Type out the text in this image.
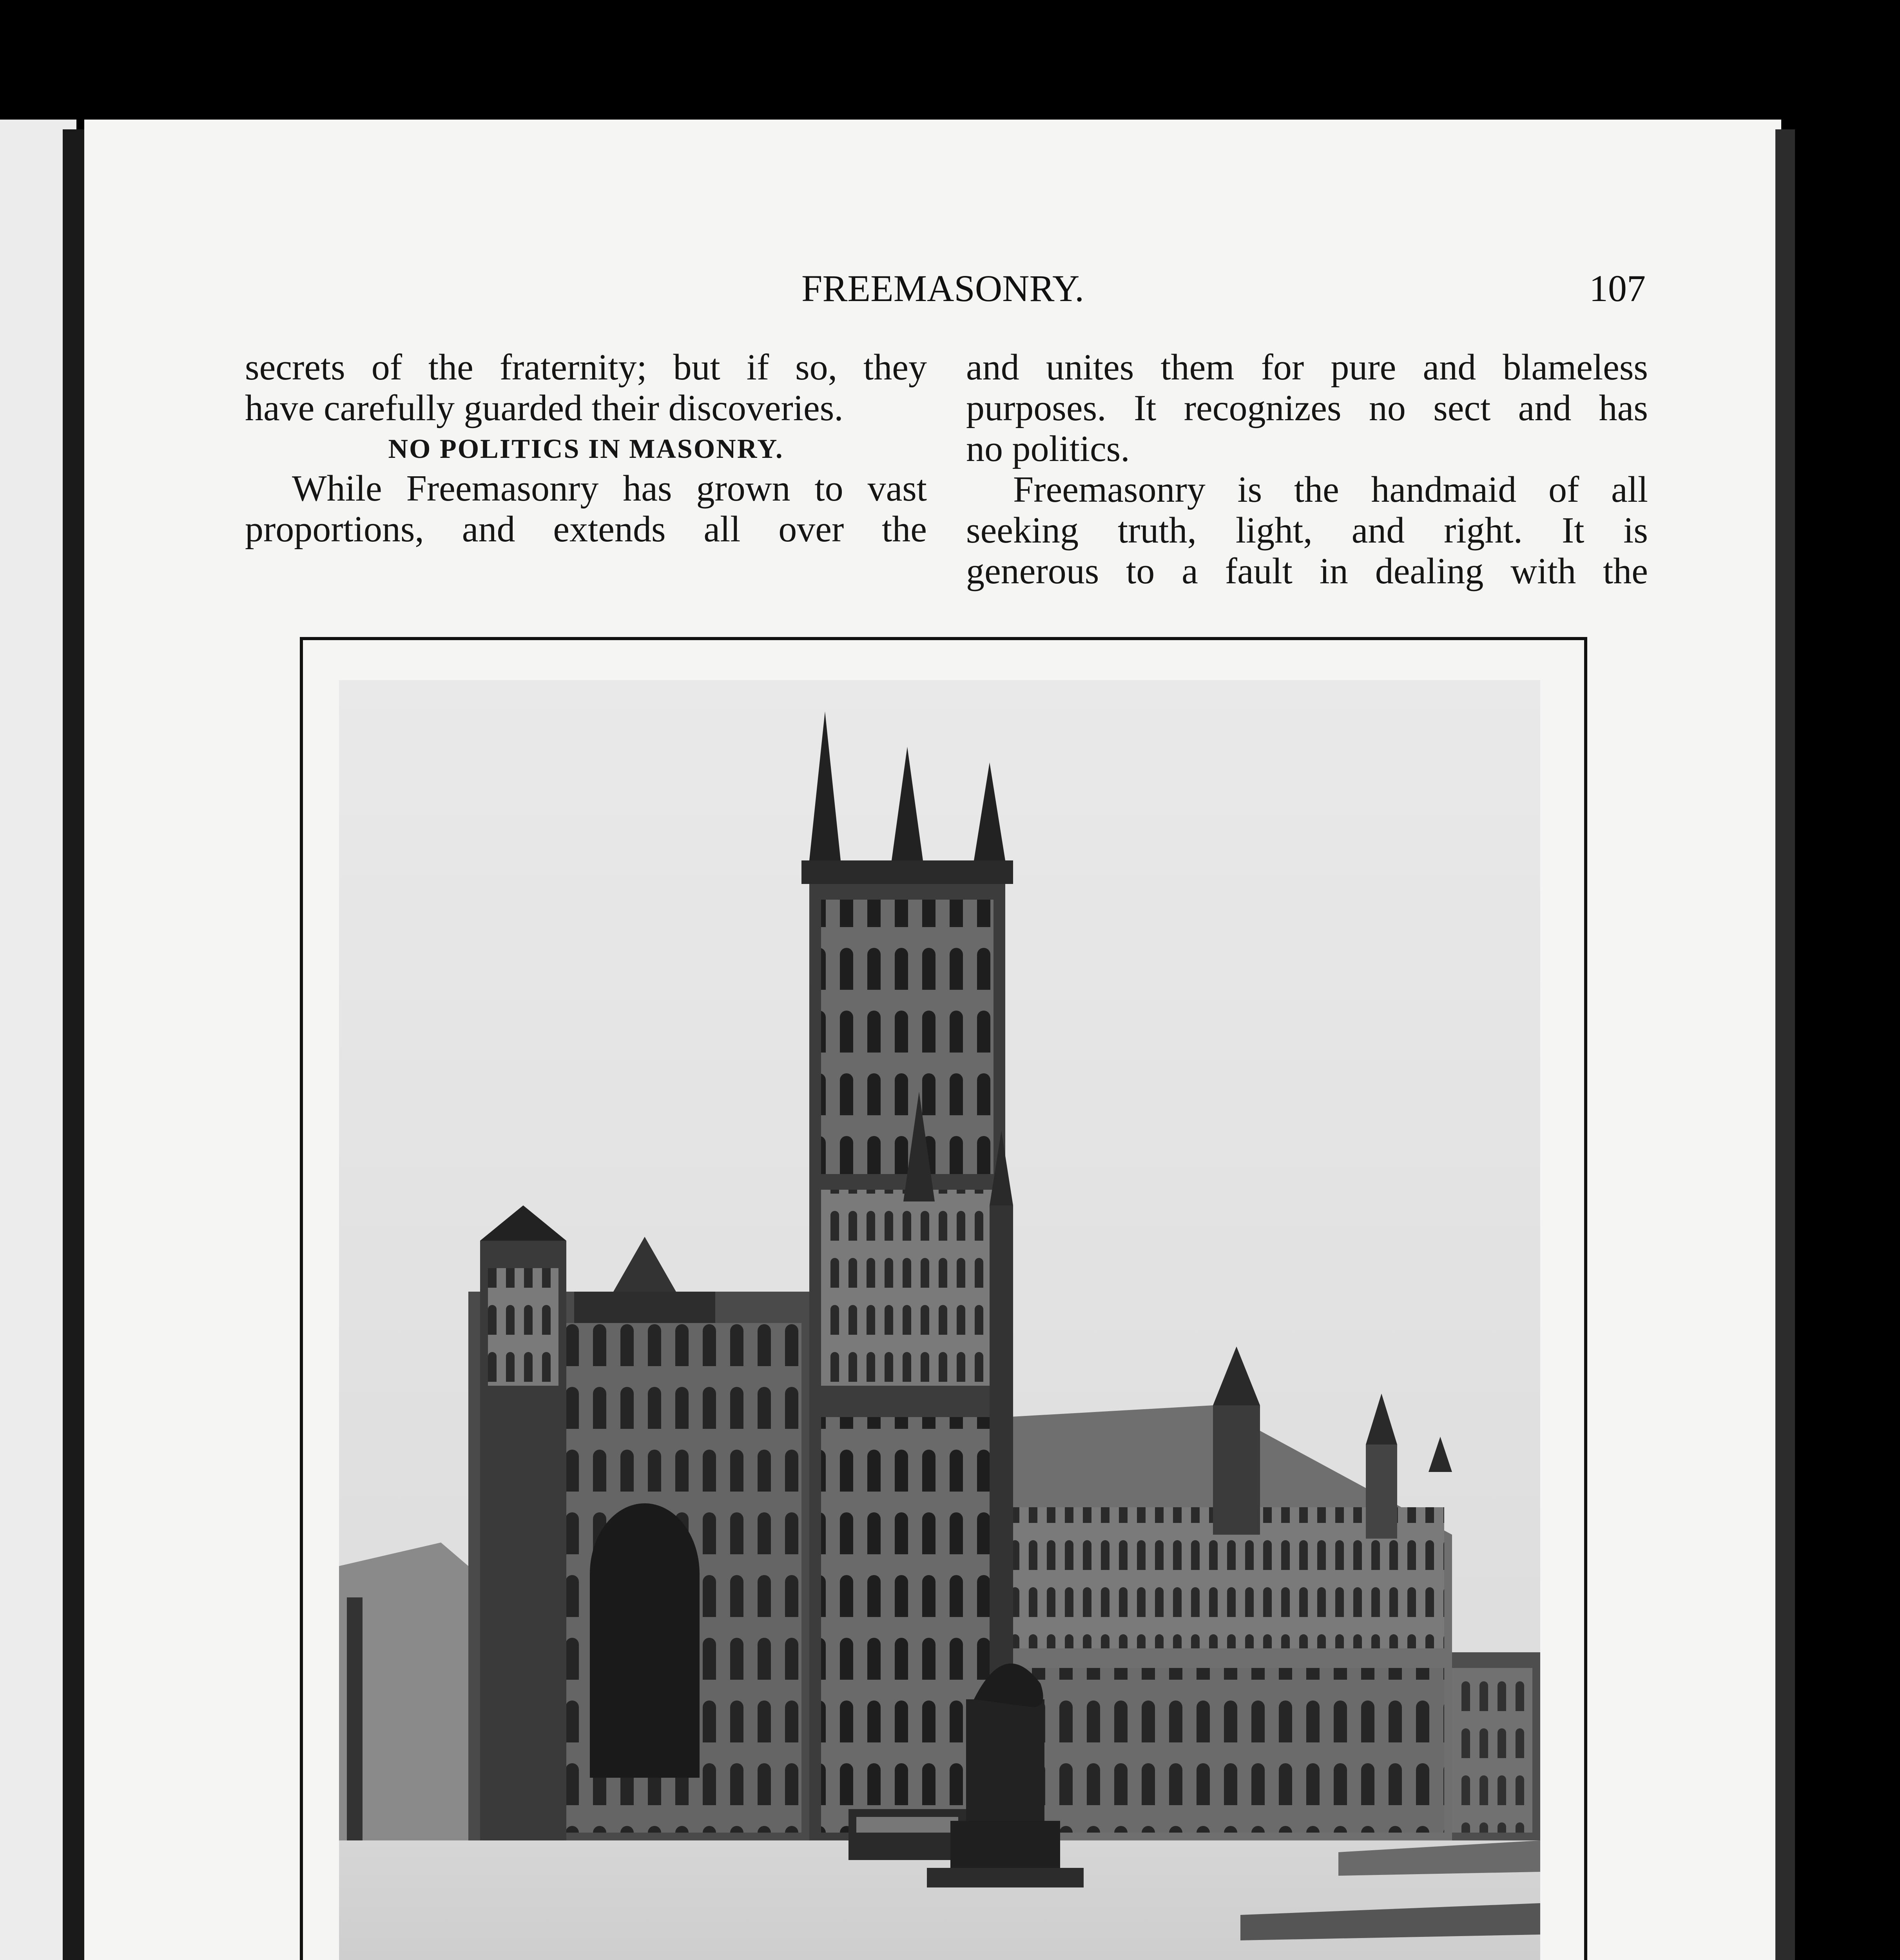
FREEMASONRY.	107
secrets of the fraternity; but if so, they
have carefully guarded their discoveries.
NO POLITICS IN MASONRY.
While Freemasonry has grown to vast
proportions, and extends all over the
and unites them for pure and blameless
purposes. It recognizes no sect and has
no politics.
Freemasonry is the handmaid of all
seeking truth, light, and right. It is
generous to a fault in dealing with the
